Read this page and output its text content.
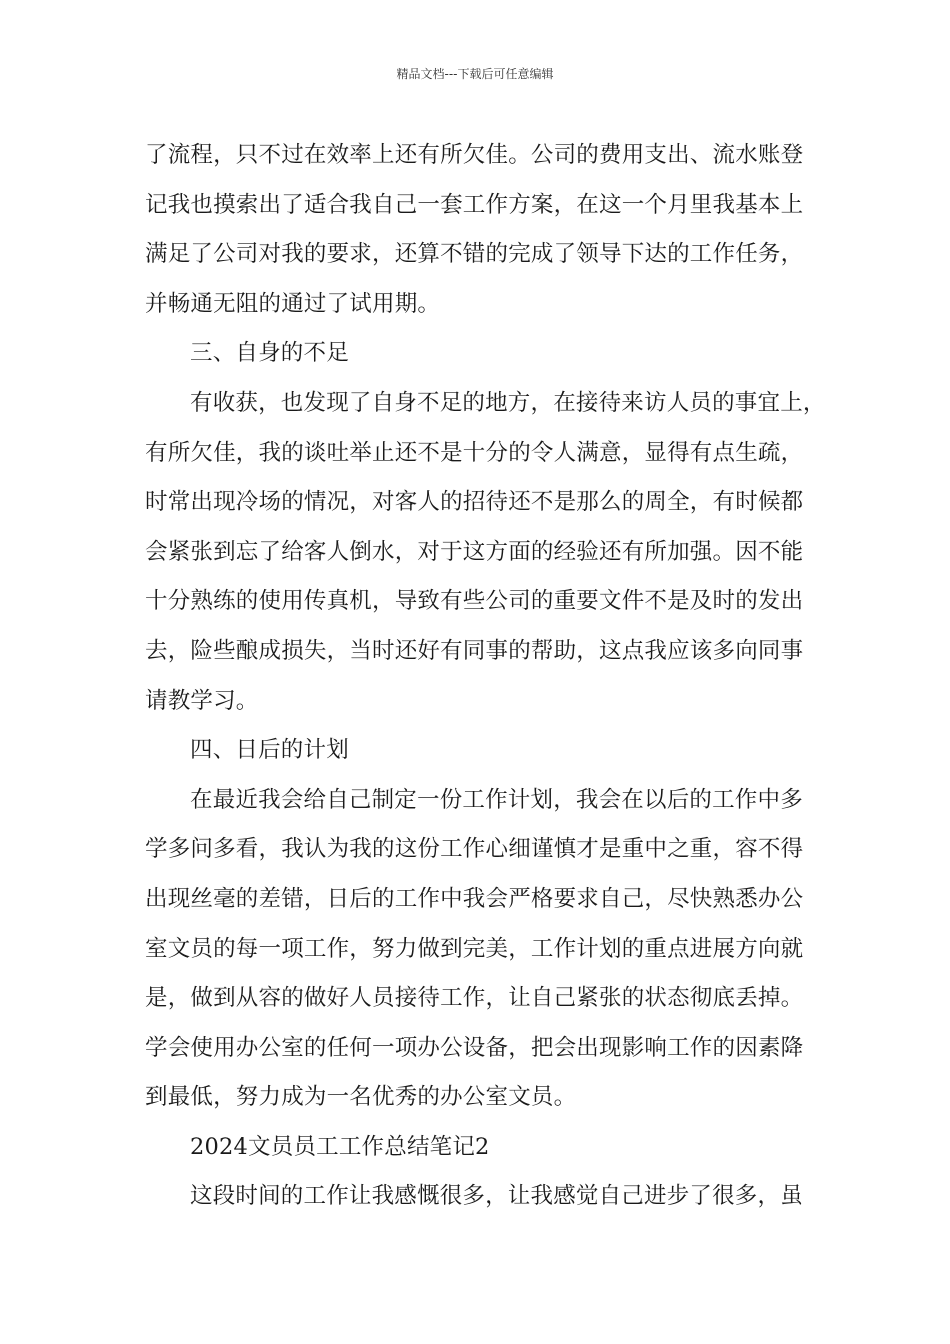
精品文档---下载后可任意编辑
了流程，只不过在效率上还有所欠佳。公司的费用支出、流水账登
记我也摸索出了适合我自己一套工作方案，在这一个月里我基本上
满足了公司对我的要求，还算不错的完成了领导下达的工作任务，
并畅通无阻的通过了试用期。
三、自身的不足
有收获，也发现了自身不足的地方，在接待来访人员的事宜上，
有所欠佳，我的谈吐举止还不是十分的令人满意，显得有点生疏，
时常出现冷场的情况，对客人的招待还不是那么的周全，有时候都
会紧张到忘了给客人倒水，对于这方面的经验还有所加强。因不能
十分熟练的使用传真机，导致有些公司的重要文件不是及时的发出
去，险些酿成损失，当时还好有同事的帮助，这点我应该多向同事
请教学习。
四、日后的计划
在最近我会给自己制定一份工作计划，我会在以后的工作中多
学多问多看，我认为我的这份工作心细谨慎才是重中之重，容不得
出现丝毫的差错，日后的工作中我会严格要求自己，尽快熟悉办公
室文员的每一项工作，努力做到完美，工作计划的重点进展方向就
是，做到从容的做好人员接待工作，让自己紧张的状态彻底丢掉。
学会使用办公室的任何一项办公设备，把会出现影响工作的因素降
到最低，努力成为一名优秀的办公室文员。
2024文员员工工作总结笔记2
这段时间的工作让我感慨很多，让我感觉自己进步了很多，虽
